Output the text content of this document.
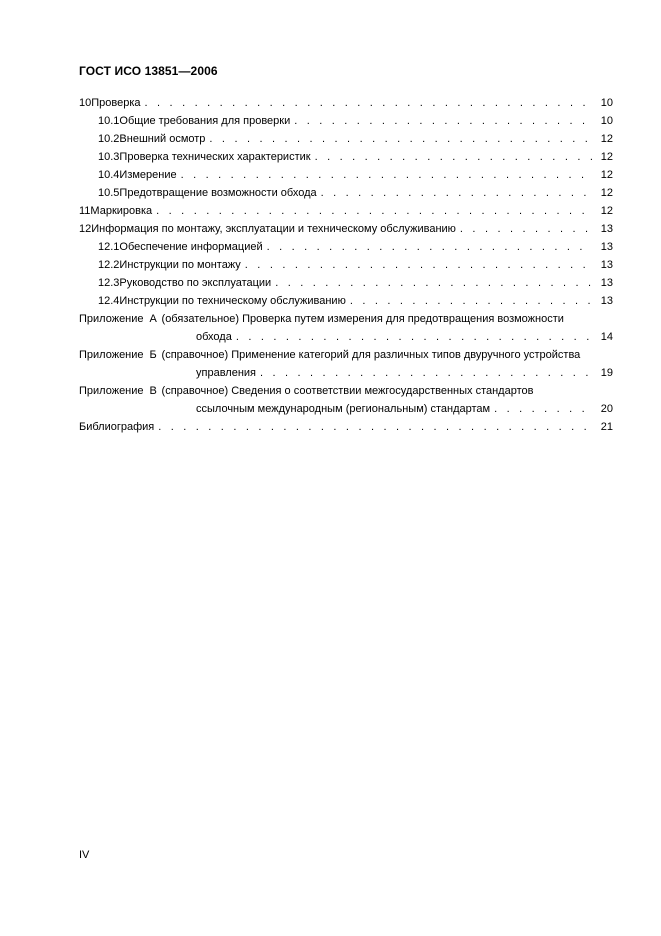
ГОСТ ИСО 13851—2006
10 Проверка . . .	10
10.1 Общие требования для проверки . . .	10
10.2 Внешний осмотр . . .	12
10.3 Проверка технических характеристик . . .	12
10.4 Измерение . . .	12
10.5 Предотвращение возможности обхода . . .	12
11 Маркировка . . .	12
12 Информация по монтажу, эксплуатации и техническому обслуживанию . . .	13
12.1 Обеспечение информацией . . .	13
12.2 Инструкции по монтажу . . .	13
12.3 Руководство по эксплуатации . . .	13
12.4 Инструкции по техническому обслуживанию . . .	13
Приложение А (обязательное) Проверка путем измерения для предотвращения возможности
обхода . . .	14
Приложение Б (справочное) Применение категорий для различных типов двуручного устройства
управления . . .	19
Приложение В (справочное) Сведения о соответствии межгосударственных стандартов
ссылочным международным (региональным) стандартам . . .	20
Библиография . . .	21
IV
